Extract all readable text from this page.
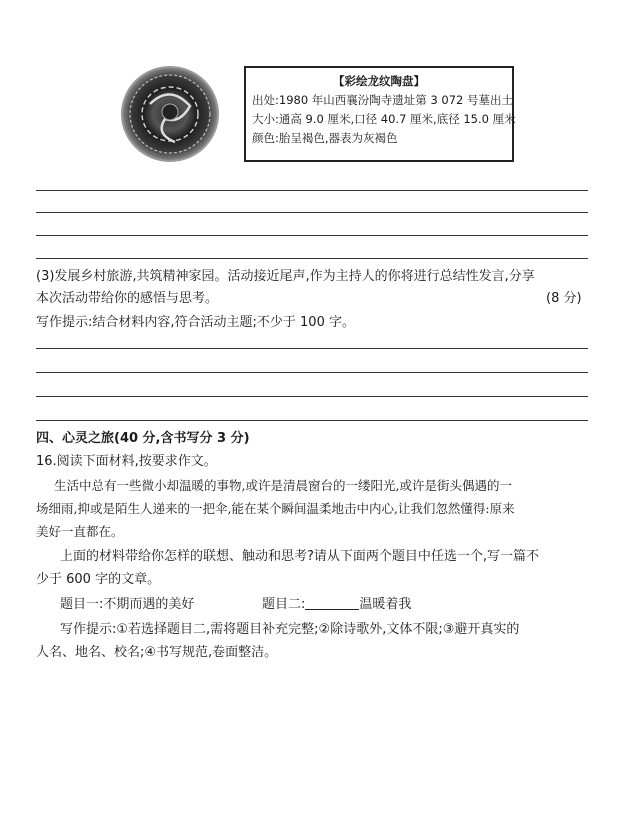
【彩绘龙纹陶盘】
出处:1980 年山西襄汾陶寺遗址第 3 072 号墓出土
大小:通高 9.0 厘米,口径 40.7 厘米,底径 15.0 厘米
颜色:胎呈褐色,器表为灰褐色
(3)发展乡村旅游,共筑精神家园。活动接近尾声,作为主持人的你将进行总结性发言,分享
本次活动带给你的感悟与思考。	(8 分)
写作提示:结合材料内容,符合活动主题;不少于 100 字。
四、心灵之旅(40 分,含书写分 3 分)
16.阅读下面材料,按要求作文。
生活中总有一些微小却温暖的事物,或许是清晨窗台的一缕阳光,或许是街头偶遇的一
场细雨,抑或是陌生人递来的一把伞,能在某个瞬间温柔地击中内心,让我们忽然懂得:原来
美好一直都在。
上面的材料带给你怎样的联想、触动和思考?请从下面两个题目中任选一个,写一篇不
少于 600 字的文章。
题目一:不期而遇的美好	题目二:	温暖着我
写作提示:①若选择题目二,需将题目补充完整;②除诗歌外,文体不限;③避开真实的
人名、地名、校名;④书写规范,卷面整洁。
